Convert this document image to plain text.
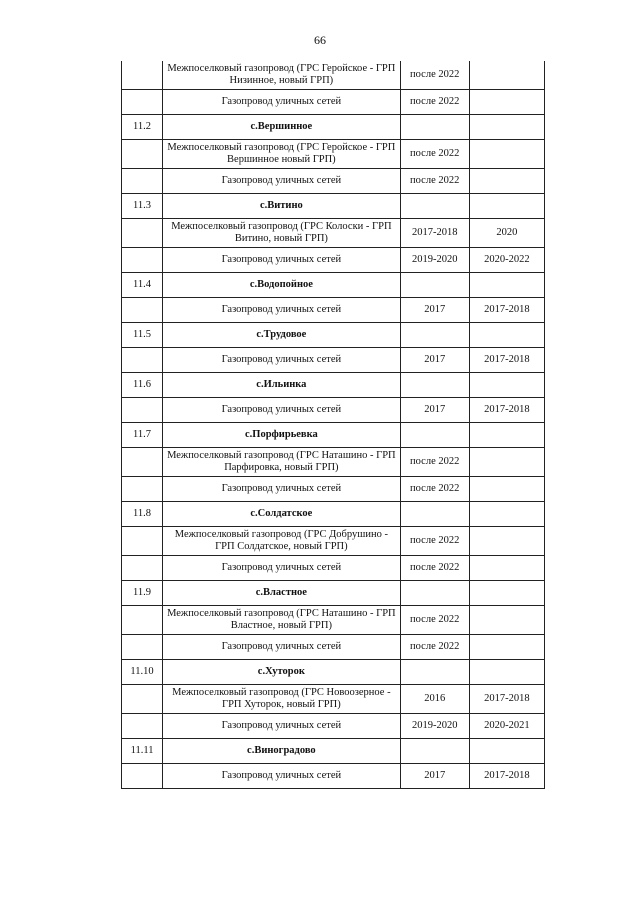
66
	Межпоселковый газопровод (ГРС Геройское - ГРП Низинное, новый ГРП)	после 2022	
	Газопровод уличных сетей	после 2022	
11.2	с.Вершинное		
	Межпоселковый газопровод (ГРС Геройское - ГРП Вершинное новый ГРП)	после 2022	
	Газопровод уличных сетей	после 2022	
11.3	с.Витино		
	Межпоселковый газопровод (ГРС Колоски - ГРП Витино, новый ГРП)	2017-2018	2020
	Газопровод уличных сетей	2019-2020	2020-2022
11.4	с.Водопойное		
	Газопровод уличных сетей	2017	2017-2018
11.5	с.Трудовое		
	Газопровод уличных сетей	2017	2017-2018
11.6	с.Ильинка		
	Газопровод уличных сетей	2017	2017-2018
11.7	с.Порфирьевка		
	Межпоселковый газопровод (ГРС Наташино - ГРП Парфировка, новый ГРП)	после 2022	
	Газопровод уличных сетей	после 2022	
11.8	с.Солдатское		
	Межпоселковый газопровод (ГРС Добрушино - ГРП Солдатское, новый ГРП)	после 2022	
	Газопровод уличных сетей	после 2022	
11.9	с.Властное		
	Межпоселковый газопровод (ГРС Наташино - ГРП Властное, новый ГРП)	после 2022	
	Газопровод уличных сетей	после 2022	
11.10	с.Хуторок		
	Межпоселковый газопровод (ГРС Новоозерное - ГРП Хуторок, новый ГРП)	2016	2017-2018
	Газопровод уличных сетей	2019-2020	2020-2021
11.11	с.Виноградово		
	Газопровод уличных сетей	2017	2017-2018
